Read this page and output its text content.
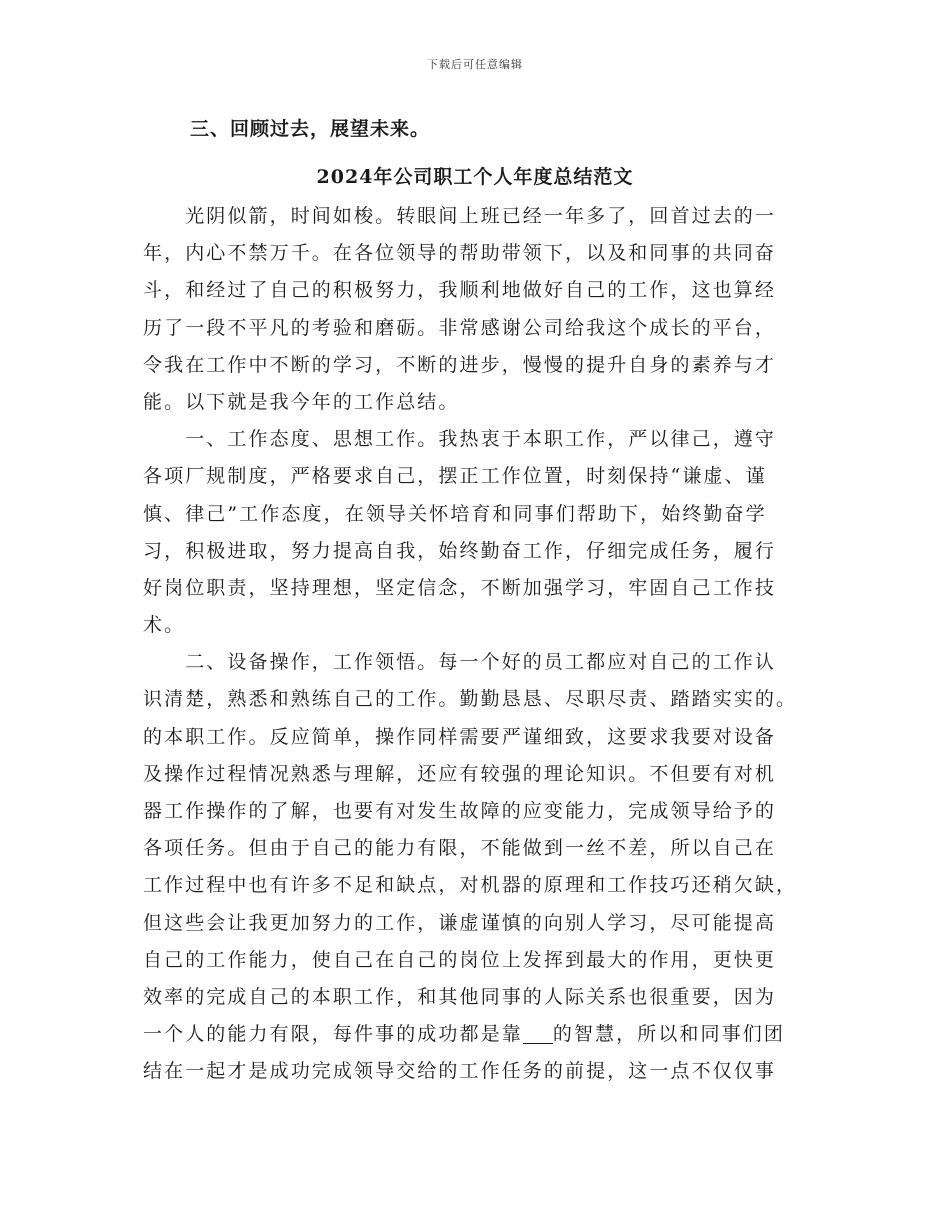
下载后可任意编辑
三、回顾过去，展望未来。
2024年公司职工个人年度总结范文
　　光阴似箭，时间如梭。转眼间上班已经一年多了，回首过去的一
年，内心不禁万千。在各位领导的帮助带领下，以及和同事的共同奋
斗，和经过了自己的积极努力，我顺利地做好自己的工作，这也算经
历了一段不平凡的考验和磨砺。非常感谢公司给我这个成长的平台，
令我在工作中不断的学习，不断的进步，慢慢的提升自身的素养与才
能。以下就是我今年的工作总结。
　　一、工作态度、思想工作。我热衷于本职工作，严以律己，遵守
各项厂规制度，严格要求自己，摆正工作位置，时刻保持“谦虚、谨
慎、律己”工作态度，在领导关怀培育和同事们帮助下，始终勤奋学
习，积极进取，努力提高自我，始终勤奋工作，仔细完成任务，履行
好岗位职责，坚持理想，坚定信念，不断加强学习，牢固自己工作技
术。
　　二、设备操作，工作领悟。每一个好的员工都应对自己的工作认
识清楚，熟悉和熟练自己的工作。勤勤恳恳、尽职尽责、踏踏实实的。
的本职工作。反应简单，操作同样需要严谨细致，这要求我要对设备
及操作过程情况熟悉与理解，还应有较强的理论知识。不但要有对机
器工作操作的了解，也要有对发生故障的应变能力，完成领导给予的
各项任务。但由于自己的能力有限，不能做到一丝不差，所以自己在
工作过程中也有许多不足和缺点，对机器的原理和工作技巧还稍欠缺，
但这些会让我更加努力的工作，谦虚谨慎的向别人学习，尽可能提高
自己的工作能力，使自己在自己的岗位上发挥到最大的作用，更快更
效率的完成自己的本职工作，和其他同事的人际关系也很重要，因为
一个人的能力有限，每件事的成功都是靠 的智慧，所以和同事们团
结在一起才是成功完成领导交给的工作任务的前提，这一点不仅仅事
